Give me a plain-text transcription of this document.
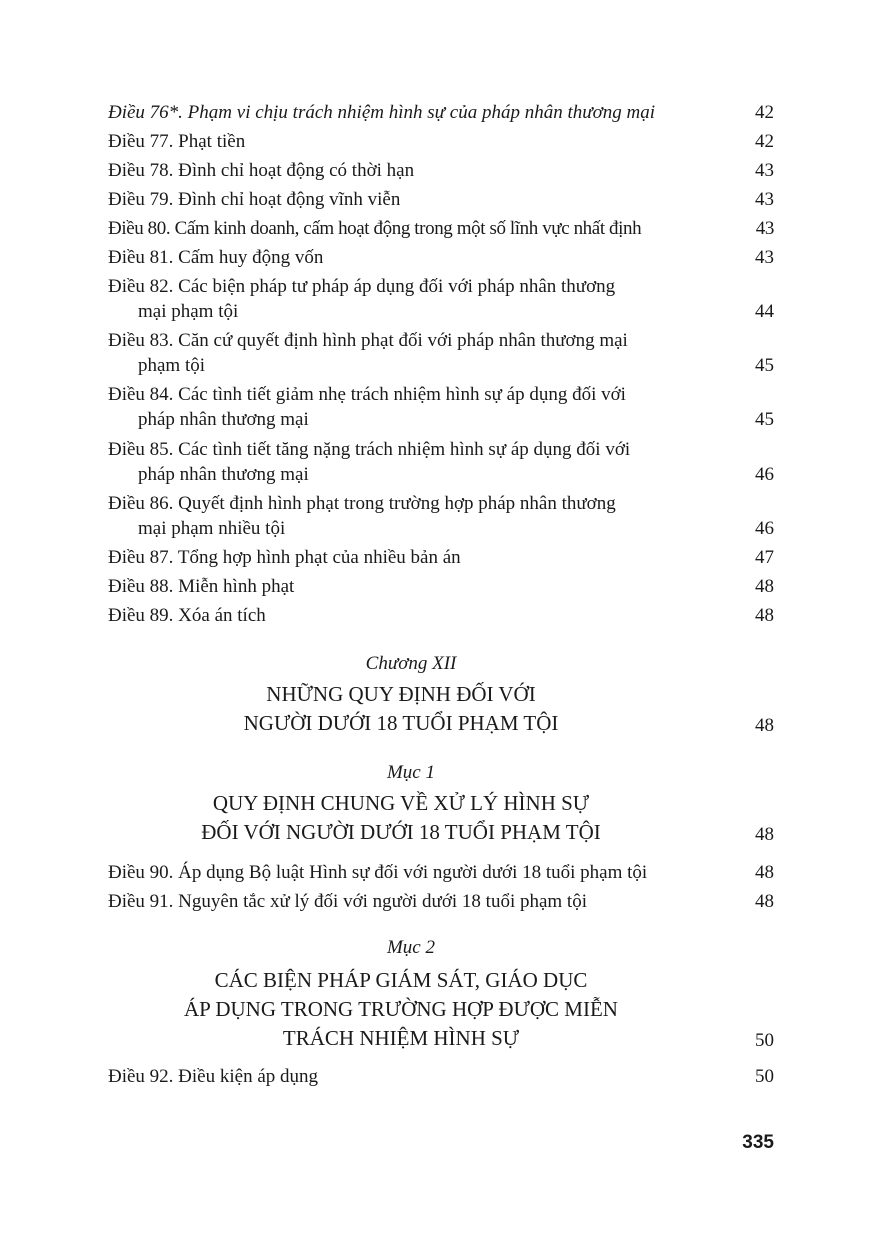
Điều 76*. Phạm vi chịu trách nhiệm hình sự của pháp nhân thương mại	42
Điều 77. Phạt tiền	42
Điều 78. Đình chỉ hoạt động có thời hạn	43
Điều 79. Đình chỉ hoạt động vĩnh viễn	43
Điều 80. Cấm kinh doanh, cấm hoạt động trong một số lĩnh vực nhất định	43
Điều 81. Cấm huy động vốn	43
Điều 82. Các biện pháp tư pháp áp dụng đối với pháp nhân thương
mại phạm tội	44
Điều 83. Căn cứ quyết định hình phạt đối với pháp nhân thương mại
phạm tội	45
Điều 84. Các tình tiết giảm nhẹ trách nhiệm hình sự áp dụng đối với
pháp nhân thương mại	45
Điều 85. Các tình tiết tăng nặng trách nhiệm hình sự áp dụng đối với
pháp nhân thương mại	46
Điều 86. Quyết định hình phạt trong trường hợp pháp nhân thương
mại phạm nhiều tội	46
Điều 87. Tổng hợp hình phạt của nhiều bản án	47
Điều 88. Miễn hình phạt	48
Điều 89. Xóa án tích	48
Chương XII
NHỮNG QUY ĐỊNH ĐỐI VỚI
NGƯỜI DƯỚI 18 TUỔI PHẠM TỘI	48
Mục 1
QUY ĐỊNH CHUNG VỀ XỬ LÝ HÌNH SỰ
ĐỐI VỚI NGƯỜI DƯỚI 18 TUỔI PHẠM TỘI	48
Điều 90. Áp dụng Bộ luật Hình sự đối với người dưới 18 tuổi phạm tội	48
Điều 91. Nguyên tắc xử lý đối với người dưới 18 tuổi phạm tội	48
Mục 2
CÁC BIỆN PHÁP GIÁM SÁT, GIÁO DỤC
ÁP DỤNG TRONG TRƯỜNG HỢP ĐƯỢC MIỄN
TRÁCH NHIỆM HÌNH SỰ	50
Điều 92. Điều kiện áp dụng	50
335
